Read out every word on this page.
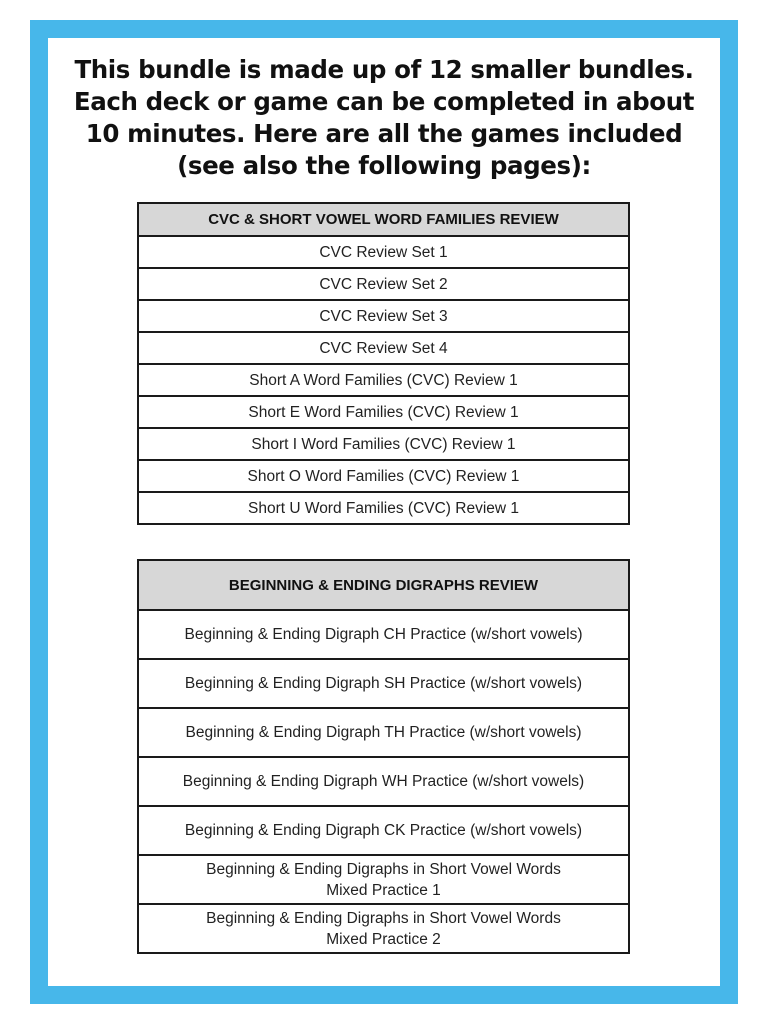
This bundle is made up of 12 smaller bundles. Each deck or game can be completed in about 10 minutes. Here are all the games included (see also the following pages):

CVC & SHORT VOWEL WORD FAMILIES REVIEW
CVC Review Set 1
CVC Review Set 2
CVC Review Set 3
CVC Review Set 4
Short A Word Families (CVC) Review 1
Short E Word Families (CVC) Review 1
Short I Word Families (CVC) Review 1
Short O Word Families (CVC) Review 1
Short U Word Families (CVC) Review 1
BEGINNING & ENDING DIGRAPHS REVIEW
Beginning & Ending Digraph CH Practice (w/short vowels)
Beginning & Ending Digraph SH Practice (w/short vowels)
Beginning & Ending Digraph TH Practice (w/short vowels)
Beginning & Ending Digraph WH Practice (w/short vowels)
Beginning & Ending Digraph CK Practice (w/short vowels)

Beginning & Ending Digraphs in Short Vowel Words
Mixed Practice 1

Beginning & Ending Digraphs in Short Vowel Words
Mixed Practice 2
